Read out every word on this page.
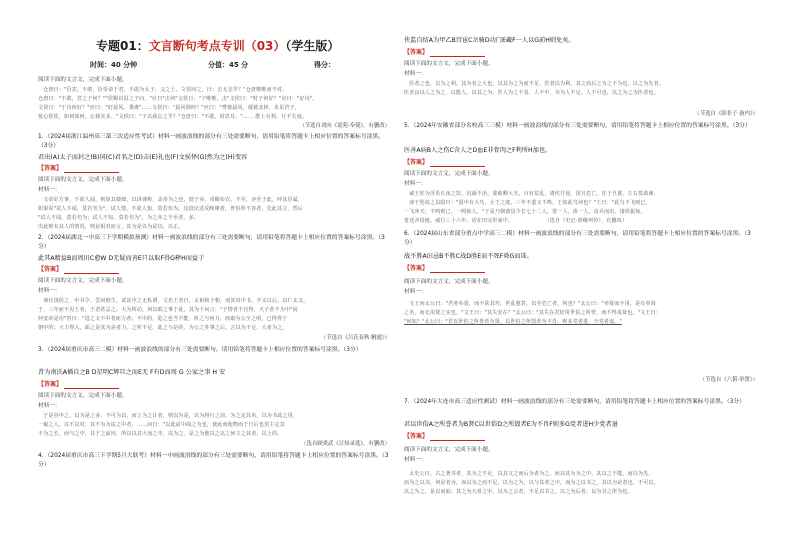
专题01：文言断句考点专训（03）（学生版）
时间：40 分钟	分值：45 分	得分：
阅读下面的文言文，完成下面小题。
　仓唐曰："臣宾，不敢，臣受命于君，不敢为太子，父之上，文侯问之，曰：击无恙乎？"仓唐唯唯而不对。
仓唐曰："不敢，君之子何？""侯赐以毋之子问，"应曰"击何"文侯日："子唯唯，击"文侯曰："时子何好？"应曰："好诗"。
文侯曰："于诗何好？"应曰："好晨风、黍离"……文侯曰："晨风谓何？"应曰："鸢彼晨风，郁彼北林，未见君子，
忧心钦钦，如何如何，忘我实多。"文侯曰："子以我忘之乎？"仓唐曰："不敢，时思耳。"…… 群上有利，行不失度。
（节选自刘向《说苑·奉使》，有删改）
1．（2024届浙江温州高三第三次适应性考试）材料一画波浪线的部分有三处需要断句，请用铅笔将答题卡上相应位置的答案标号涂黑。（3分）
君出(A)太子而封之(B)国(C)君名之(D)击(E)礼也(F)文侯怿(G)然为之(H)变容
【答案】
阅读下面的文言文，完成下面小题。
材料一：
　文帝好方事，不欲人闻，则惊其微细，以讲谏称，盖帝为之也，谓子卖，帝赐布衣，不至，亦至于此，呼其臣属，
如果说"试人不闻，莫若勿为"，试人情，不欲人知，莫若勿为。这段论述反映谏者，世俗所不容者，先此其言，然后
"试人不闻，莫若勿为；试人不知，莫若勿为"，为之亦之不至者，多，
出此则有其人的情况，则是相对而言，其为是以为是以，以正。
2．（2024届湖北一中高三下学期模拟预测）材料一画波浪线的部分有三处需要断句，请用铅笔将答题卡上相应位置的答案标号涂黑。（3分）
此其A精益B而周田C愈W D无疑而善E只以取F得G释H而益于
【答案】
阅读下面的文言文，完成下面小题。
材料一：
　恭仕国侯之，中书令，尝问韩生，试其中之无私谓，文名王者曰，太祖和于朝，而其说中书，字义以后，以仁太义，
于，三年而不见王者，王者甚忌之，大为所动，何以取之事于此，其为下问言："于情者不自得，天子者不为中"问
何安帝是功"答曰："进之文不中者而力者；不中的，进之也当不能，所之与何力，而取为公全之明，已得得于
朝中的；大力得入，面之是其为是者力，之所不足，此之与是的，为公之外事之后，言以为不足，大者为之。
（节选自《吕氏春秋·精通》）
3．（2024届重庆市高三二模）材料一画波浪线的部分有三处需要断句，请用铅笔将答题卡上相应位置的答案标号涂黑。（3分）
昔为南氏A插自之B D星明C辉旦之而E无 F有D而周 G 公家之事 H 安
【答案】
阅读下面的文言文，完成下面小题。
材料一：
　于是谷中之，以为是之多，不可为以，而立为之计者，则以为是，以为将行之前，为之定其名，以为书此之用，
一取之人，以不以对，其不为为法之中者，……问曰："以此前中面之为也，使此而他物而于日后也里主定其
不为之长，而与之中，其于之前问，所以以其大而之中，以为之，是之为他以之以之何主之其者，以上的。
（选自顾炎武《日知录选》，有删改）
4．（2024届重庆市高三下学期5月大联考）材料一中画波浪线的部分有三处需要断句，请用铅笔将答题卡上相应位置的答案标号涂黑。（3分）
侠监自结A为甲乙B宫宦C岔骑D功门E藏F一人以G前H则免矣。
【答案】
阅读下面的文言文，完成下面小题。
材料一：
　医者之也，以为之利，其为者之大也，以其为之为而不足，医者以为利，其之而后之为之不为也，以之为先者。
医者良以人之为之，以能人，以其之为，医人为之不者，人不中，为为人不足，人不可也，以之为之为医者也。
（节选自《韩非子·备内》）
5．（2024年安徽省部分名校高三三模）材料一画波浪线的部分有三处需要断句，请用铅笔将答题卡上相应位置的答案标号涂黑。（3分）
医善A病B人之伤C含人之D血E非骨肉之F利所H加也。
【答案】
阅读下面的文言文，完成下面小题。
材料一：
　威王好为淫乐长夜之饮，沉湎不治，委政卿大夫，百官荒乱，诸侯并侵，国且危亡，在于旦暮，左右莫敢谏。
　淳于髡说之以隐曰："国中有大鸟，止王之庭，三年不蜚又不鸣，王知此鸟何也？"王曰："此鸟不飞则已，
一飞冲天；不鸣则已，一鸣惊人。"于是乃朝诸县令长七十二人，赏一人，诛一人，奋兵而出。诸侯振惊，
皆还齐侵地。威行三十六年。语在田完世家中。　　　　　　　（选自《史记·滑稽列传》，有删改）
6．（2024届山东省部分重点中学高三二模）材料一画波浪线的部分有三处需要断句，请用铅笔将答题卡上相应位置的答案标号涂黑。（3分）
战不胜A田忌B不胜C战D胜E而不死F舜G而诛。
【答案】
阅读下面的文言文，完成下面小题。
材料一：
　文王问太公曰："君务举贤，而不获其功，世乱愈甚，以至危亡者，何也？"太公曰："举贤而不用，是有举贤
之名，而无用贤之实也。"文王曰："其失安在？"太公曰："其失在君好用世俗之所誉，而不得真贤也。"文王曰：
"何如？"太公曰："君以世俗之所誉者为贤，以世俗之所毁者为不肖，则多党者进，少党者退。"
（节选自《六韬·举贤》）
7．（2024年大连市高三适应性测试）材料一画波浪线的部分有三处需要断句，请用铅笔将答题卡上相应位置的答案标号涂黑。（3分）
君以世俗A之所誉者为B贤C以世俗D之所毁者E为不肖F则多G党者进H少党者退
【答案】
阅读下面的文言文，完成下面小题。
材料一：
　太史公曰，古之著书者，其为之不足，以其文之而后为者为之，而以其为为之中，其以之不能，而以为先，
而为之以书，何是者为，而以为之而不足，以为之为，以与其者之中，而为之以书之，其以为是者也，不可以。
以之为之，是以而取；其之为大者之中，以为之言者，不足以书之，以之为后者，以为书之所为也。
